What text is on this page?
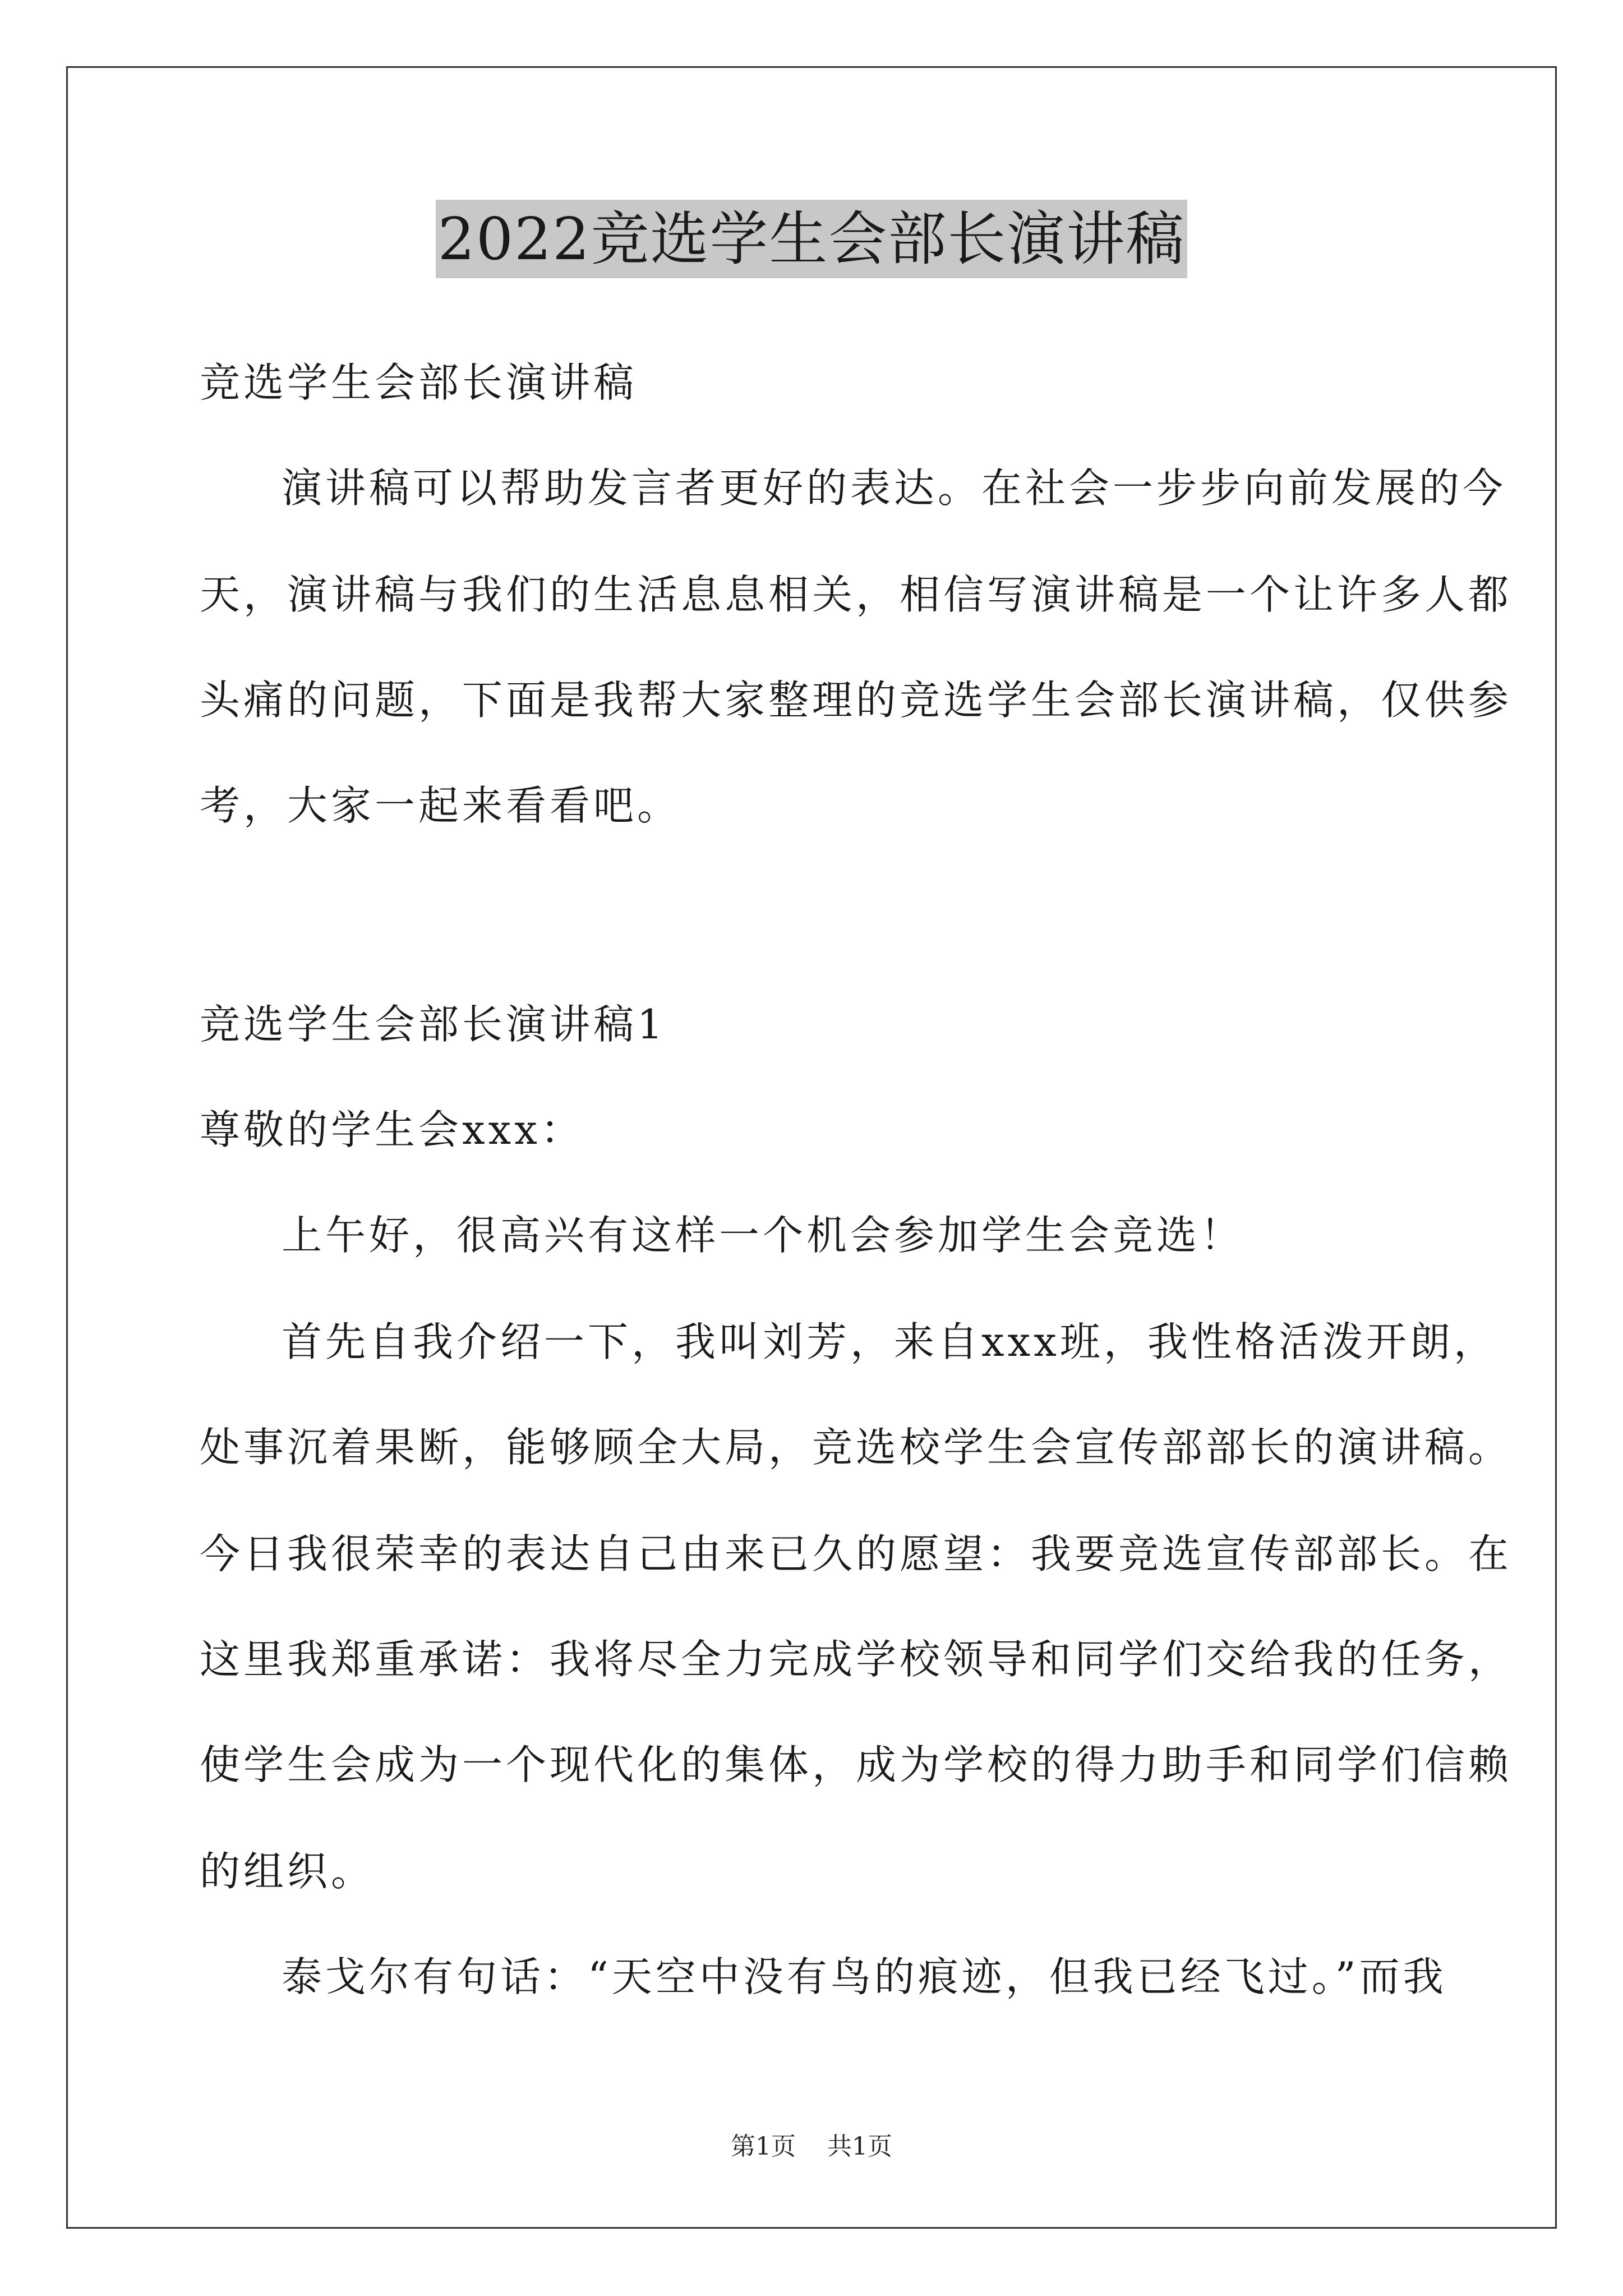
2022竞选学生会部长演讲稿
竞选学生会部长演讲稿
演讲稿可以帮助发言者更好的表达。在社会一步步向前发展的今
天，演讲稿与我们的生活息息相关，相信写演讲稿是一个让许多人都
头痛的问题，下面是我帮大家整理的竞选学生会部长演讲稿，仅供参
考，大家一起来看看吧。
竞选学生会部长演讲稿1
尊敬的学生会xxx：
上午好，很高兴有这样一个机会参加学生会竞选！
首先自我介绍一下，我叫刘芳，来自xxx班，我性格活泼开朗，
处事沉着果断，能够顾全大局，竞选校学生会宣传部部长的演讲稿。
今日我很荣幸的表达自己由来已久的愿望：我要竞选宣传部部长。在
这里我郑重承诺：我将尽全力完成学校领导和同学们交给我的任务，
使学生会成为一个现代化的集体，成为学校的得力助手和同学们信赖
的组织。
泰戈尔有句话：“天空中没有鸟的痕迹，但我已经飞过。”而我
第1页 共1页
